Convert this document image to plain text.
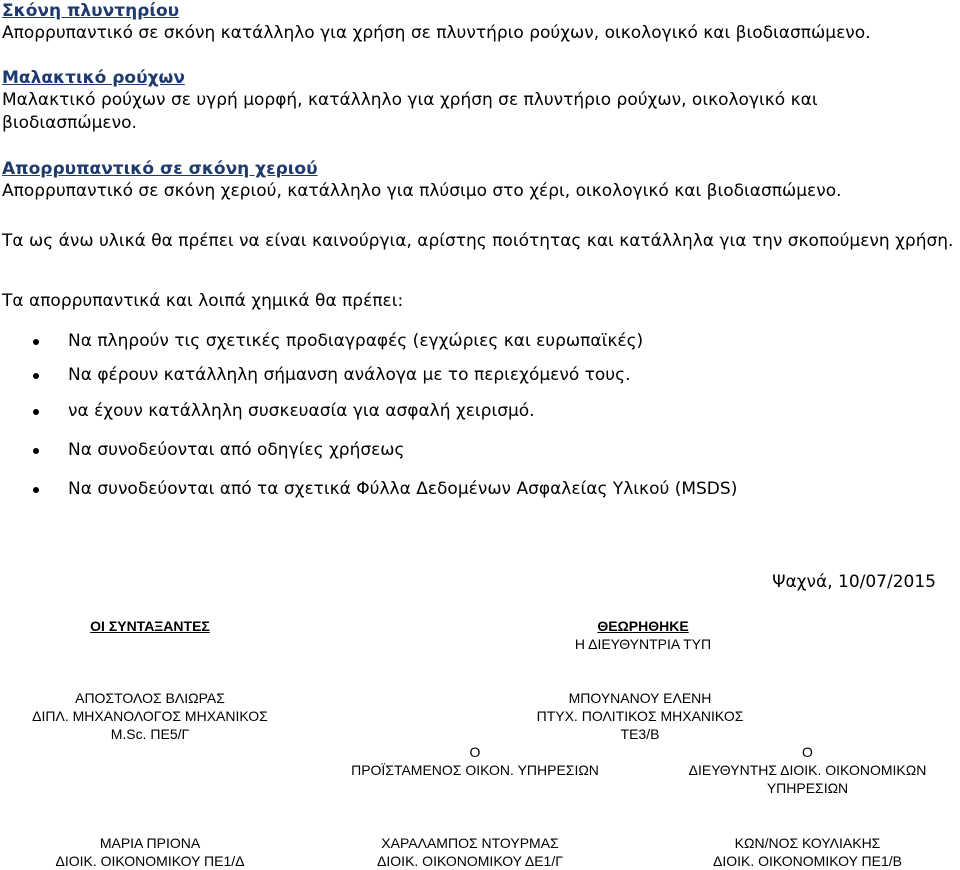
Σκόνη πλυντηρίου
Απορρυπαντικό σε σκόνη κατάλληλο για χρήση σε πλυντήριο ρούχων, οικολογικό και βιοδιασπώμενο.
Μαλακτικό ρούχων
Μαλακτικό ρούχων σε υγρή μορφή, κατάλληλο για χρήση σε πλυντήριο ρούχων, οικολογικό και βιοδιασπώμενο.
Απορρυπαντικό σε σκόνη χεριού
Απορρυπαντικό σε σκόνη χεριού, κατάλληλο για πλύσιμο στο χέρι, οικολογικό και βιοδιασπώμενο.
Τα ως άνω υλικά θα πρέπει να είναι καινούργια, αρίστης ποιότητας και κατάλληλα για την σκοπούμενη χρήση.
Τα απορρυπαντικά και λοιπά χημικά θα πρέπει:
Να πληρούν τις σχετικές προδιαγραφές (εγχώριες και ευρωπαϊκές)
Να φέρουν κατάλληλη σήμανση ανάλογα με το περιεχόμενό τους.
να έχουν κατάλληλη συσκευασία για ασφαλή χειρισμό.
Να συνοδεύονται από οδηγίες χρήσεως
Να συνοδεύονται από τα σχετικά Φύλλα Δεδομένων Ασφαλείας Υλικού (MSDS)
Ψαχνά, 10/07/2015
ΟΙ ΣΥΝΤΑΞΑΝΤΕΣ	ΘΕΩΡΗΘΗΚΕ
Η ΔΙΕΥΘΥΝΤΡΙΑ ΤΥΠ
ΑΠΟΣΤΟΛΟΣ ΒΛΙΩΡΑΣ
ΔΙΠΛ. ΜΗΧΑΝΟΛΟΓΟΣ ΜΗΧΑΝΙΚΟΣ
M.Sc. ΠΕ5/Γ
ΜΠΟΥΝΑΝΟΥ ΕΛΕΝΗ
ΠΤΥΧ. ΠΟΛΙΤΙΚΟΣ ΜΗΧΑΝΙΚΟΣ
ΤΕ3/Β
Ο
ΠΡΟΪΣΤΑΜΕΝΟΣ ΟΙΚΟΝ. ΥΠΗΡΕΣΙΩΝ
Ο
ΔΙΕΥΘΥΝΤΗΣ ΔΙΟΙΚ. ΟΙΚΟΝΟΜΙΚΩΝ
ΥΠΗΡΕΣΙΩΝ
ΜΑΡΙΑ ΠΡΙΟΝΑ
ΔΙΟΙΚ. ΟΙΚΟΝΟΜΙΚΟΥ ΠΕ1/Δ
ΧΑΡΑΛΑΜΠΟΣ ΝΤΟΥΡΜΑΣ
ΔΙΟΙΚ. ΟΙΚΟΝΟΜΙΚΟΥ ΔΕ1/Γ
ΚΩΝ/ΝΟΣ ΚΟΥΛΙΑΚΗΣ
ΔΙΟΙΚ. ΟΙΚΟΝΟΜΙΚΟΥ ΠΕ1/Β
